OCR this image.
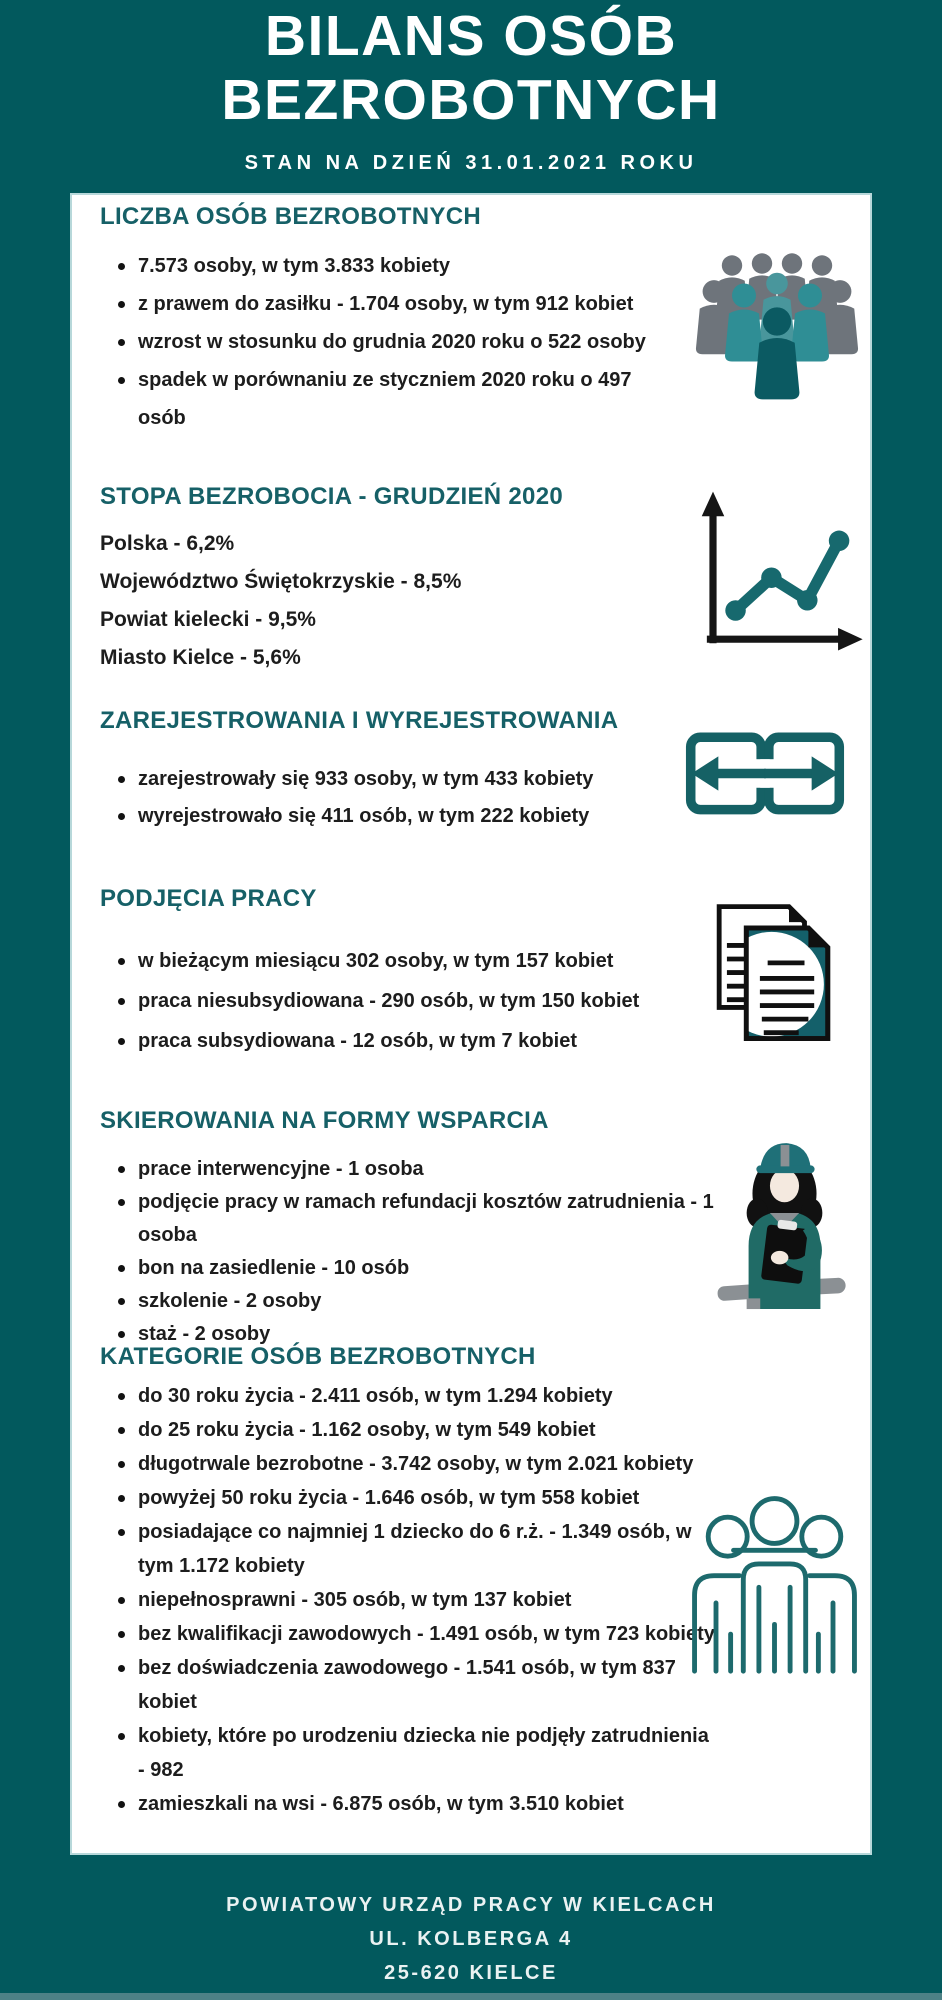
BILANS OSÓB
BEZROBOTNYCH
STAN NA DZIEŃ 31.01.2021 ROKU
LICZBA OSÓB BEZROBOTNYCH
7.573 osoby, w tym 3.833 kobiety
z prawem do zasiłku - 1.704 osoby, w tym 912 kobiet
wzrost w stosunku do grudnia 2020 roku o 522 osoby
spadek w porównaniu ze styczniem 2020 roku o 497 osób
STOPA BEZROBOCIA - GRUDZIEŃ 2020
Polska - 6,2%
Województwo Świętokrzyskie - 8,5%
Powiat kielecki - 9,5%
Miasto Kielce - 5,6%
ZAREJESTROWANIA I WYREJESTROWANIA
zarejestrowały się 933 osoby, w tym 433 kobiety
wyrejestrowało się 411 osób, w tym 222 kobiety
PODJĘCIA PRACY
w bieżącym miesiącu 302 osoby, w tym 157 kobiet
praca niesubsydiowana - 290 osób, w tym 150 kobiet
praca subsydiowana - 12 osób, w tym 7 kobiet
SKIEROWANIA NA FORMY WSPARCIA
prace interwencyjne - 1 osoba
podjęcie pracy w ramach refundacji kosztów zatrudnienia - 1 osoba
bon na zasiedlenie - 10 osób
szkolenie - 2 osoby
staż - 2 osoby
KATEGORIE OSÓB BEZROBOTNYCH
do 30 roku życia - 2.411 osób, w tym 1.294 kobiety
do 25 roku życia - 1.162 osoby, w tym 549 kobiet
długotrwale bezrobotne - 3.742 osoby, w tym 2.021 kobiety
powyżej 50 roku życia - 1.646 osób, w tym 558 kobiet
posiadające co najmniej 1 dziecko do 6 r.ż. - 1.349 osób, w tym 1.172 kobiety
niepełnosprawni - 305 osób, w tym 137 kobiet
bez kwalifikacji zawodowych - 1.491 osób, w tym 723 kobiety
bez doświadczenia zawodowego - 1.541 osób, w tym 837 kobiet
kobiety, które po urodzeniu dziecka nie podjęły zatrudnienia - 982
zamieszkali na wsi - 6.875 osób, w tym 3.510 kobiet
POWIATOWY URZĄD PRACY W KIELCACH
UL. KOLBERGA 4
25-620 KIELCE
